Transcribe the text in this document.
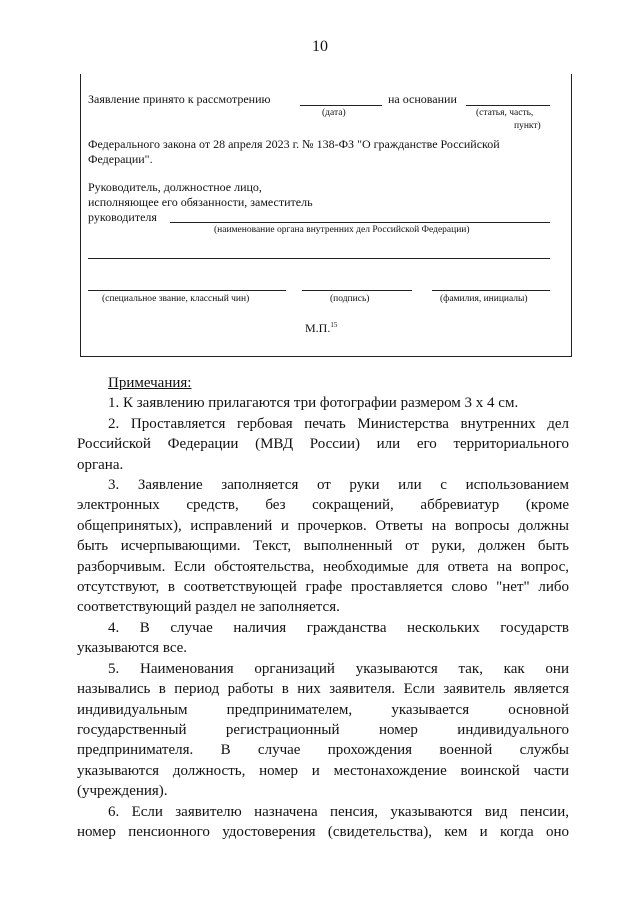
10
Заявление принято к рассмотрению	на основании
(дата)	(статья, часть,
пункт)
Федерального закона от 28 апреля 2023 г. № 138-ФЗ "О гражданстве Российской
Федерации".
Руководитель, должностное лицо,
исполняющее его обязанности, заместитель
руководителя
(наименование органа внутренних дел Российской Федерации)
(специальное звание, классный чин)	(подпись)	(фамилия, инициалы)
М.П.$^{15}$

Примечания:

1. К заявлению прилагаются три фотографии размером 3 х 4 см.

2. Проставляется гербовая печать Министерства внутренних дел

Российской Федерации (МВД России) или его территориального

органа.

3. Заявление заполняется от руки или с использованием

электронных средств, без сокращений, аббревиатур (кроме

общепринятых), исправлений и прочерков. Ответы на вопросы должны

быть исчерпывающими. Текст, выполненный от руки, должен быть

разборчивым. Если обстоятельства, необходимые для ответа на вопрос,

отсутствуют, в соответствующей графе проставляется слово "нет" либо

соответствующий раздел не заполняется.

4. В случае наличия гражданства нескольких государств

указываются все.

5. Наименования организаций указываются так, как они

назывались в период работы в них заявителя. Если заявитель является

индивидуальным предпринимателем, указывается основной

государственный регистрационный номер индивидуального

предпринимателя. В случае прохождения военной службы

указываются должность, номер и местонахождение воинской части

(учреждения).

6. Если заявителю назначена пенсия, указываются вид пенсии,

номер пенсионного удостоверения (свидетельства), кем и когда оно
